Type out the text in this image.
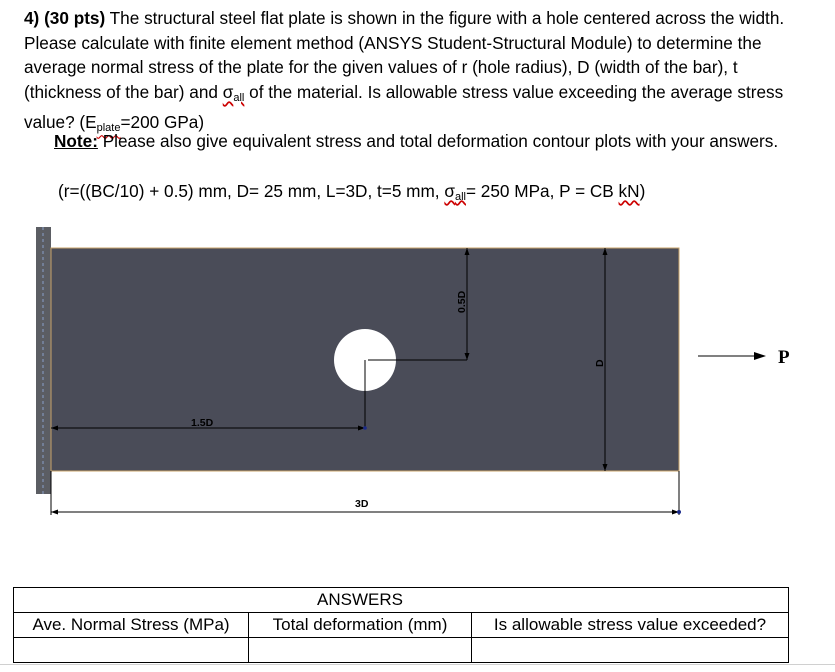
4) (30 pts) The structural steel flat plate is shown in the figure with a hole centered across the width. Please calculate with finite element method (ANSYS Student-Structural Module) to determine the average normal stress of the plate for the given values of r (hole radius), D (width of the bar), t (thickness of the bar) and $\sigma_{all}$ of the material. Is allowable stress value exceeding the average stress value? ($E_{plate}=200$ GPa)

Note: Please also give equivalent stress and total deformation contour plots with your answers.
(r=((BC/10) + 0.5) mm, D= 25 mm, L=3D, t=5 mm, $\sigma_{all}= 250$ MPa, P = CB kN)
0.5D
D
1.5D
3D
P
	ANSWERS	
Ave. Normal Stress (MPa)	Total deformation (mm)	Is allowable stress value exceeded?
